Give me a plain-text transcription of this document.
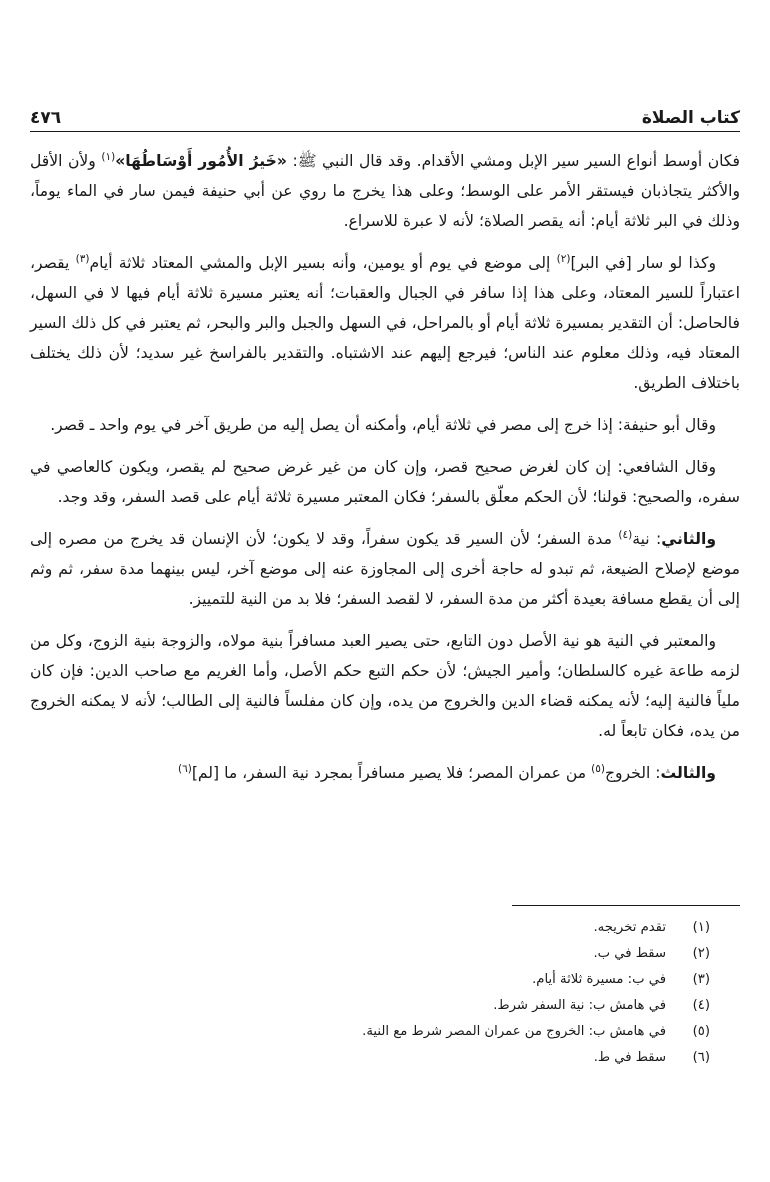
كتاب الصلاة
٤٧٦

فكان أوسط أنواع السير سير الإبل ومشي الأقدام. وقد قال النبي ﷺ: «خَيرُ الأُمُور أَوْسَاطُهَا»$^{(١)}$ ولأن الأقل والأكثر يتجاذبان فيستقر الأمر على الوسط؛ وعلى هذا يخرج ما روي عن أبي حنيفة فيمن سار في الماء يوماً، وذلك في البر ثلاثة أيام: أنه يقصر الصلاة؛ لأنه لا عبرة للاسراع.

وكذا لو سار [في البر]$^{(٢)}$ إلى موضع في يوم أو يومين، وأنه بسير الإبل والمشي المعتاد ثلاثة أيام$^{(٣)}$ يقصر، اعتباراً للسير المعتاد، وعلى هذا إذا سافر في الجبال والعقبات؛ أنه يعتبر مسيرة ثلاثة أيام فيها لا في السهل، فالحاصل: أن التقدير بمسيرة ثلاثة أيام أو بالمراحل، في السهل والجبل والبر والبحر، ثم يعتبر في كل ذلك السير المعتاد فيه، وذلك معلوم عند الناس؛ فيرجع إليهم عند الاشتباه. والتقدير بالفراسخ غير سديد؛ لأن ذلك يختلف باختلاف الطريق.

وقال أبو حنيفة: إذا خرج إلى مصر في ثلاثة أيام، وأمكنه أن يصل إليه من طريق آخر في يوم واحد ـ قصر.

وقال الشافعي: إن كان لغرض صحيح قصر، وإن كان من غير غرض صحيح لم يقصر، ويكون كالعاصي في سفره، والصحيح: قولنا؛ لأن الحكم معلّق بالسفر؛ فكان المعتبر مسيرة ثلاثة أيام على قصد السفر، وقد وجد.

والثاني: نية$^{(٤)}$ مدة السفر؛ لأن السير قد يكون سفراً، وقد لا يكون؛ لأن الإنسان قد يخرج من مصره إلى موضع لإصلاح الضيعة، ثم تبدو له حاجة أخرى إلى المجاوزة عنه إلى موضع آخر، ليس بينهما مدة سفر، ثم وثم إلى أن يقطع مسافة بعيدة أكثر من مدة السفر، لا لقصد السفر؛ فلا بد من النية للتمييز.

والمعتبر في النية هو نية الأصل دون التابع، حتى يصير العبد مسافراً بنية مولاه، والزوجة بنية الزوج، وكل من لزمه طاعة غيره كالسلطان؛ وأمير الجيش؛ لأن حكم التبع حكم الأصل، وأما الغريم مع صاحب الدين: فإن كان ملياً فالنية إليه؛ لأنه يمكنه قضاء الدين والخروج من يده، وإن كان مفلساً فالنية إلى الطالب؛ لأنه لا يمكنه الخروج من يده، فكان تابعاً له.

والثالث: الخروج$^{(٥)}$ من عمران المصر؛ فلا يصير مسافراً بمجرد نية السفر، ما [لم]$^{(٦)}$

(١)
تقدم تخريجه.
(٢)
سقط في ب.
(٣)
في ب: مسيرة ثلاثة أيام.
(٤)
في هامش ب: نية السفر شرط.
(٥)
في هامش ب: الخروج من عمران المصر شرط مع النية.
(٦)
سقط في ط.
